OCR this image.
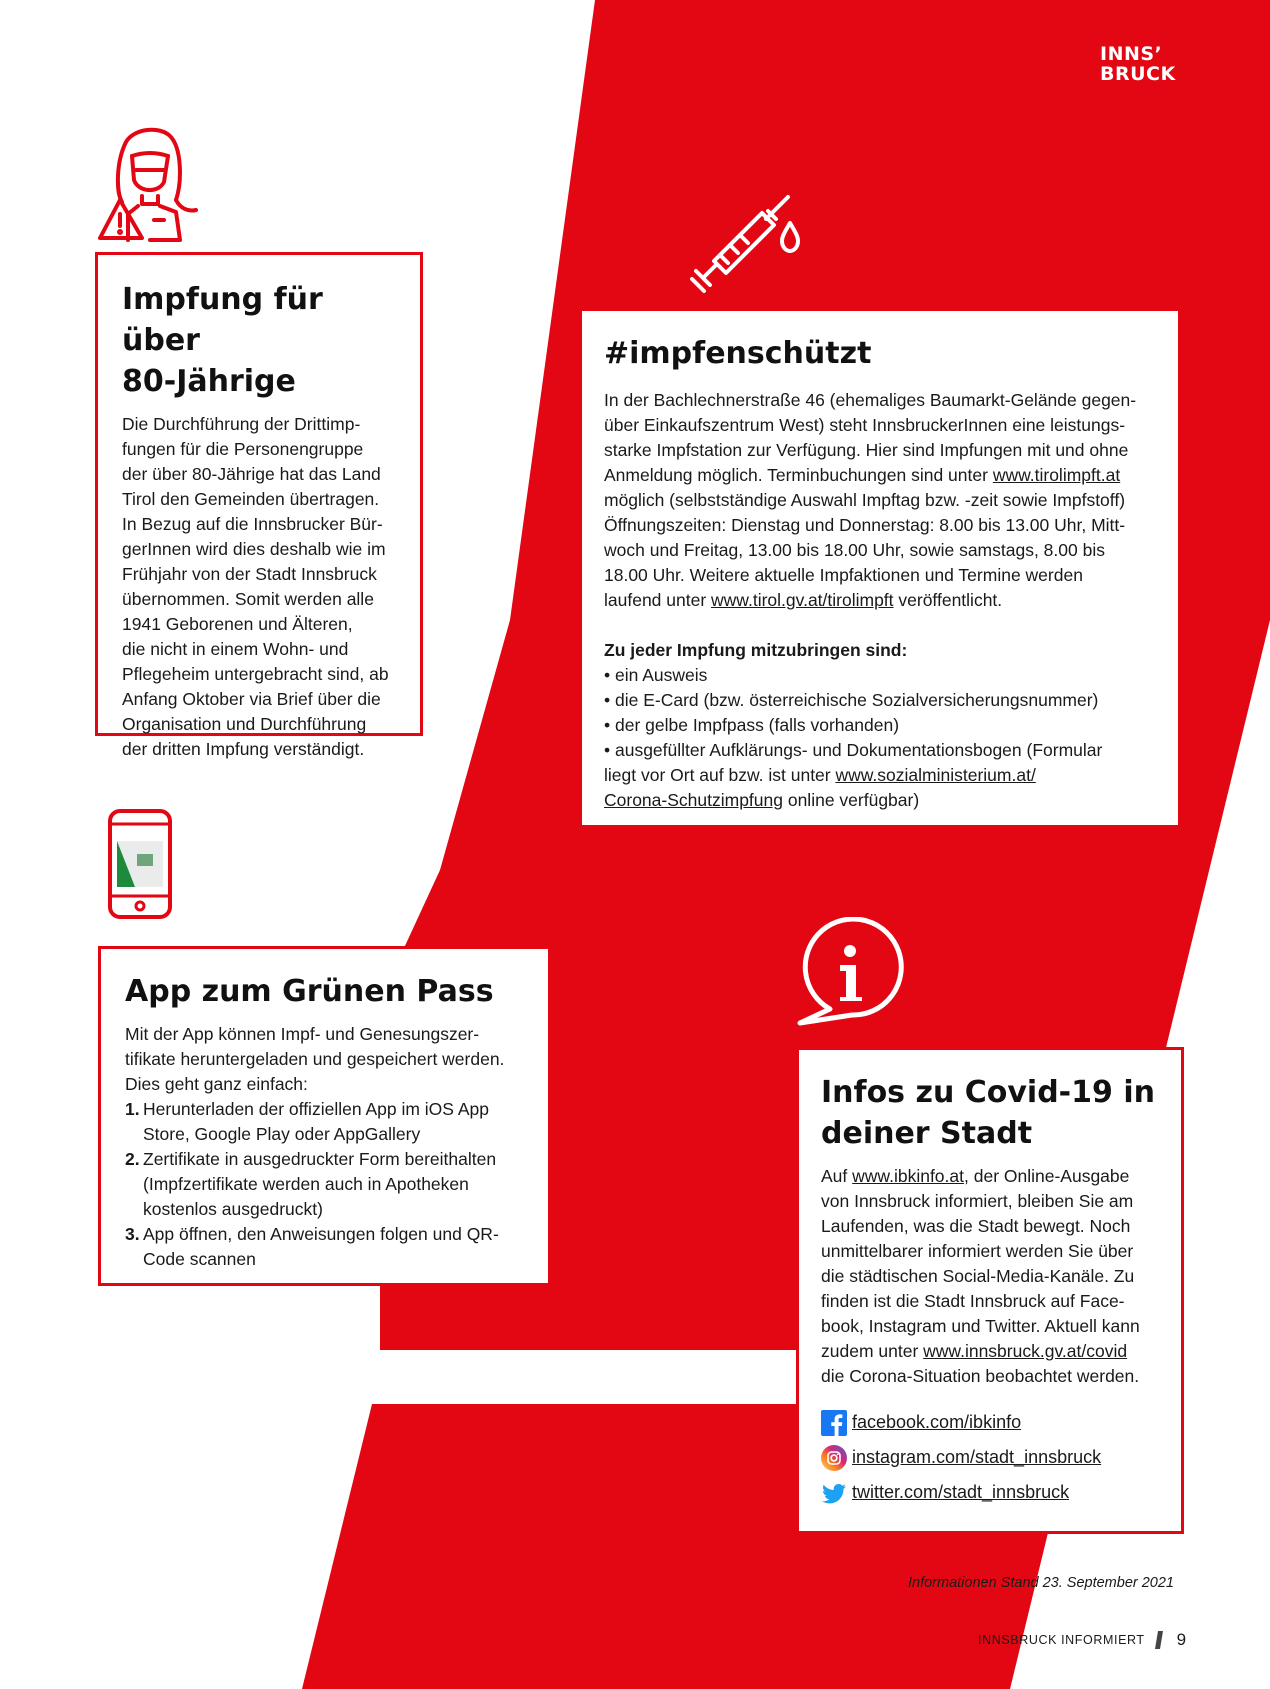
INNS’
BRUCK
Impfung für über
80-Jährige
Die Durchführung der Drittimp-
fungen für die Personengruppe
der über 80-Jährige hat das Land
Tirol den Gemeinden übertragen.
In Bezug auf die Innsbrucker Bür-
gerInnen wird dies deshalb wie im
Frühjahr von der Stadt Innsbruck
übernommen. Somit werden alle
1941 Geborenen und Älteren,
die nicht in einem Wohn- und
Pflegeheim untergebracht sind, ab
Anfang Oktober via Brief über die
Organisation und Durchführung
der dritten Impfung verständigt.
#impfenschützt
In der Bachlechnerstraße 46 (ehemaliges Baumarkt-Gelände gegen-
über Einkaufszentrum West) steht InnsbruckerInnen eine leistungs-
starke Impfstation zur Verfügung. Hier sind Impfungen mit und ohne
Anmeldung möglich. Terminbuchungen sind unter www.tirolimpft.at
möglich (selbstständige Auswahl Impftag bzw. -zeit sowie Impfstoff)
Öffnungszeiten: Dienstag und Donnerstag: 8.00 bis 13.00 Uhr, Mitt-
woch und Freitag, 13.00 bis 18.00 Uhr, sowie samstags, 8.00 bis
18.00 Uhr. Weitere aktuelle Impfaktionen und Termine werden
laufend unter www.tirol.gv.at/tirolimpft veröffentlicht.
Zu jeder Impfung mitzubringen sind:
• ein Ausweis
• die E-Card (bzw. österreichische Sozialversicherungsnummer)
• der gelbe Impfpass (falls vorhanden)
• ausgefüllter Aufklärungs- und Dokumentationsbogen (Formular
liegt vor Ort auf bzw. ist unter www.sozialministerium.at/
Corona-Schutzimpfung online verfügbar)
App zum Grünen Pass
Mit der App können Impf- und Genesungszer-
tifikate heruntergeladen und gespeichert werden.
Dies geht ganz einfach:
1. Herunterladen der offiziellen App im iOS App
Store, Google Play oder AppGallery
2. Zertifikate in ausgedruckter Form bereithalten
(Impfzertifikate werden auch in Apotheken
kostenlos ausgedruckt)
3. App öffnen, den Anweisungen folgen und QR-
Code scannen
Infos zu Covid-19 in
deiner Stadt
Auf www.ibkinfo.at, der Online-Ausgabe
von Innsbruck informiert, bleiben Sie am
Laufenden, was die Stadt bewegt. Noch
unmittelbarer informiert werden Sie über
die städtischen Social-Media-Kanäle. Zu
finden ist die Stadt Innsbruck auf Face-
book, Instagram und Twitter. Aktuell kann
zudem unter www.innsbruck.gv.at/covid
die Corona-Situation beobachtet werden.
facebook.com/ibkinfo
instagram.com/stadt_innsbruck
twitter.com/stadt_innsbruck
Informationen Stand 23. September 2021
INNSBRUCK INFORMIERT 9
